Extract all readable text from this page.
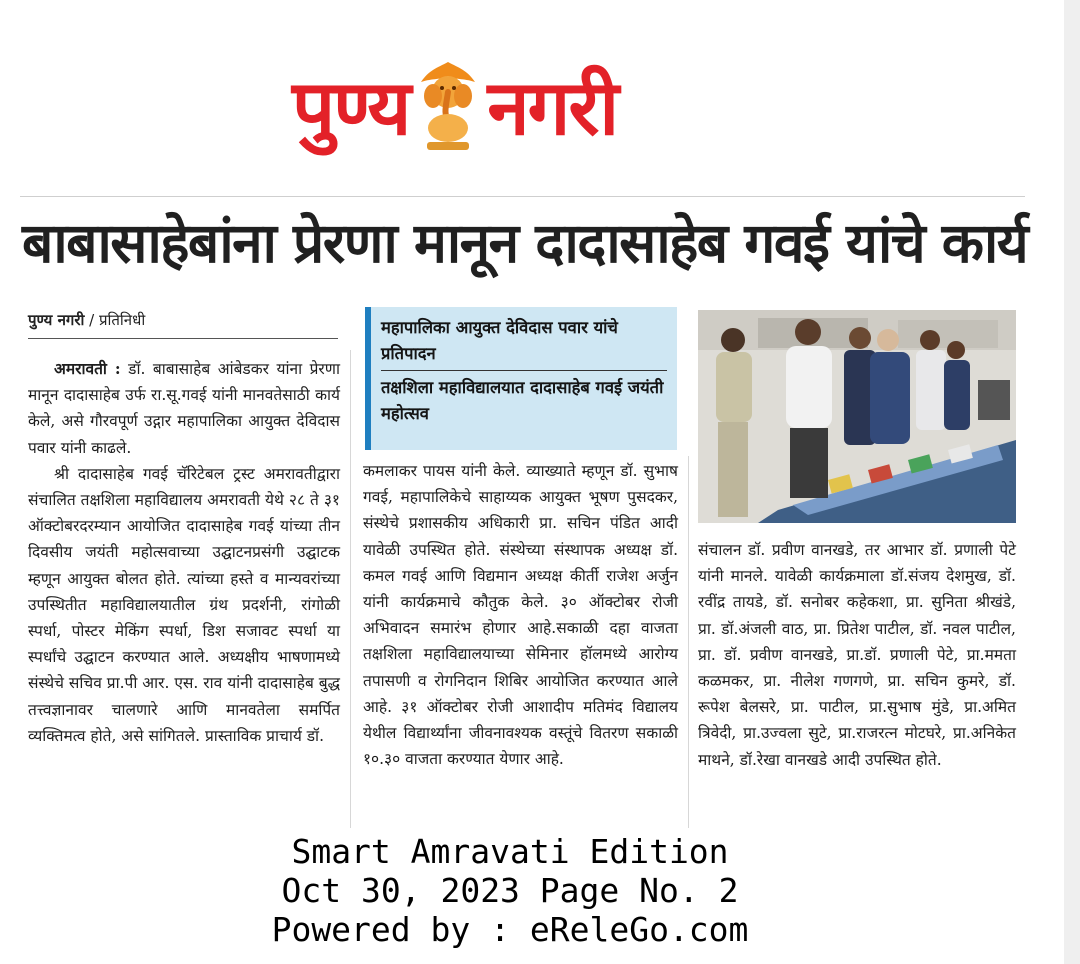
पुण्य नगरी
बाबासाहेबांना प्रेरणा मानून दादासाहेब गवई यांचे कार्य
पुण्य नगरी / प्रतिनिधी

अमरावती : डॉ. बाबासाहेब आंबेडकर यांना प्रेरणा मानून दादासाहेब उर्फ रा.सू.गवई यांनी मानवतेसाठी कार्य केले, असे गौरवपूर्ण उद्गार महापालिका आयुक्त देविदास पवार यांनी काढले.

श्री दादासाहेब गवई चॅरिटेबल ट्रस्ट अमरावतीद्वारा संचालित तक्षशिला महाविद्यालय अमरावती येथे २८ ते ३१ ऑक्टोबरदरम्यान आयोजित दादासाहेब गवई यांच्या तीन दिवसीय जयंती महोत्सवाच्या उद्घाटनप्रसंगी उद्घाटक म्हणून आयुक्त बोलत होते. त्यांच्या हस्ते व मान्यवरांच्या उपस्थितीत महाविद्यालयातील ग्रंथ प्रदर्शनी, रांगोळी स्पर्धा, पोस्टर मेकिंग स्पर्धा, डिश सजावट स्पर्धा या स्पर्धांचे उद्घाटन करण्यात आले. अध्यक्षीय भाषणामध्ये संस्थेचे सचिव प्रा.पी आर. एस. राव यांनी दादासाहेब बुद्ध तत्त्वज्ञानावर चालणारे आणि मानवतेला समर्पित व्यक्तिमत्व होते, असे सांगितले. प्रास्ताविक प्राचार्य डॉ.

महापालिका आयुक्त देविदास पवार यांचे प्रतिपादन
तक्षशिला महाविद्यालयात दादासाहेब गवई जयंती महोत्सव

कमलाकर पायस यांनी केले. व्याख्याते म्हणून डॉ. सुभाष गवई, महापालिकेचे साहाय्यक आयुक्त भूषण पुसदकर, संस्थेचे प्रशासकीय अधिकारी प्रा. सचिन पंडित आदी यावेळी उपस्थित होते. संस्थेच्या संस्थापक अध्यक्ष डॉ. कमल गवई आणि विद्यमान अध्यक्ष कीर्ती राजेश अर्जुन यांनी कार्यक्रमाचे कौतुक केले. ३० ऑक्टोबर रोजी अभिवादन समारंभ होणार आहे.सकाळी दहा वाजता तक्षशिला महाविद्यालयाच्या सेमिनार हॉलमध्ये आरोग्य तपासणी व रोगनिदान शिबिर आयोजित करण्यात आले आहे. ३१ ऑक्टोबर रोजी आशादीप मतिमंद विद्यालय येथील विद्यार्थ्यांना जीवनावश्यक वस्तूंचे वितरण सकाळी १०.३० वाजता करण्यात येणार आहे.

संचालन डॉ. प्रवीण वानखडे, तर आभार डॉ. प्रणाली पेटे यांनी मानले. यावेळी कार्यक्रमाला डॉ.संजय देशमुख, डॉ. रवींद्र तायडे, डॉ. सनोबर कहेकशा, प्रा. सुनिता श्रीखंडे, प्रा. डॉ.अंजली वाठ, प्रा. प्रितेश पाटील, डॉ. नवल पाटील, प्रा. डॉ. प्रवीण वानखडे, प्रा.डॉ. प्रणाली पेटे, प्रा.ममता कळमकर, प्रा. नीलेश गणगणे, प्रा. सचिन कुमरे, डॉ. रूपेश बेलसरे, प्रा. पाटील, प्रा.सुभाष मुंडे, प्रा.अमित त्रिवेदी, प्रा.उज्वला सुटे, प्रा.राजरत्न मोटघरे, प्रा.अनिकेत माथने, डॉ.रेखा वानखडे आदी उपस्थित होते.

Smart Amravati Edition
Oct 30, 2023 Page No. 2
Powered by : eReleGo.com
